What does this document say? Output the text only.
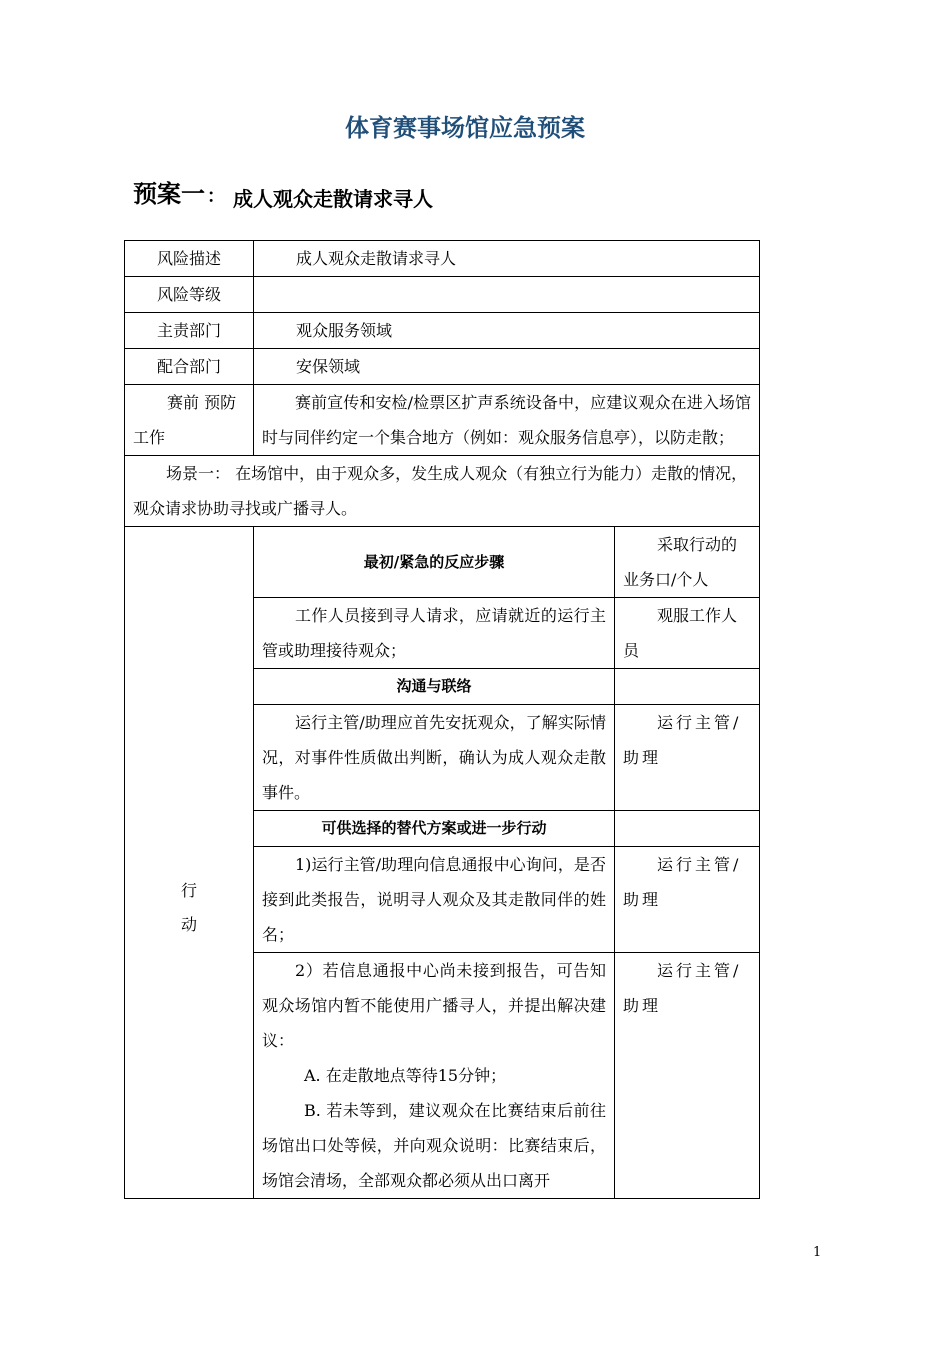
体育赛事场馆应急预案
预案一 ： 成人观众走散请求寻人
风险描述	成人观众走散请求寻人	
风险等级		
主责部门	观众服务领域	
配合部门	安保领域	
赛前 预防工作	赛前宣传和安检/检票区扩声系统设备中，应建议观众在进入场馆时与同伴约定一个集合地方（例如：观众服务信息亭），以防走散；	
场景一： 在场馆中，由于观众多，发生成人观众（有独立行为能力）走散的情况，观众请求协助寻找或广播寻人。		

行
动	最初/紧急的反应步骤	采取行动的业务口/个人
	工作人员接到寻人请求，应请就近的运行主管或助理接待观众；	观服工作人员
	沟通与联络	
	运行主管/助理应首先安抚观众，了解实际情况，对事件性质做出判断，确认为成人观众走散事件。	运行主管/助理
	可供选择的替代方案或进一步行动	
	1)运行主管/助理向信息通报中心询问，是否接到此类报告，说明寻人观众及其走散同伴的姓名；	运行主管/助理

	2）若信息通报中心尚未接到报告，可告知观众场馆内暂不能使用广播寻人，并提出解决建议：
A. 在走散地点等待15分钟；
B. 若未等到，建议观众在比赛结束后前往场馆出口处等候，并向观众说明：比赛结束后，场馆会清场，全部观众都必须从出口离开	运行主管/助理
1
